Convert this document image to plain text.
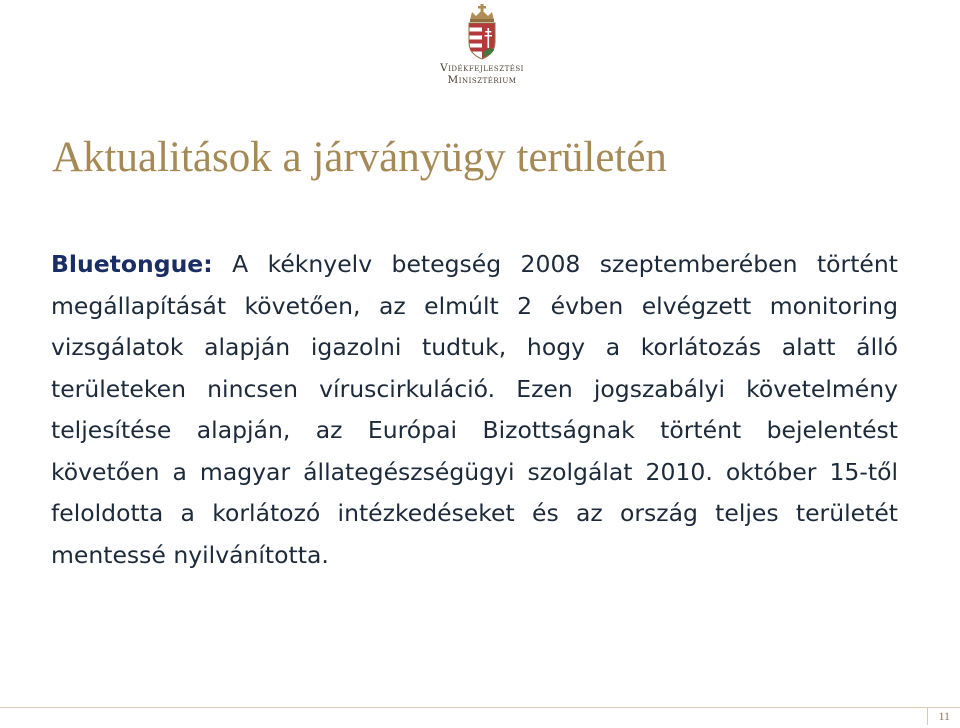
Vidékfejlesztési
Minisztérium
Aktualitások a járványügy területén

Bluetongue: A kéknyelv betegség 2008 szeptemberében történt megállapítását követően, az elmúlt 2 évben elvégzett monitoring vizsgálatok alapján igazolni tudtuk, hogy a korlátozás alatt álló területeken nincsen víruscirkuláció. Ezen jogszabályi követelmény teljesítése alapján, az Európai Bizottságnak történt bejelentést követően a magyar állategészségügyi szolgálat 2010. október 15-től feloldotta a korlátozó intézkedéseket és az ország teljes területét mentessé nyilvánította.

11
